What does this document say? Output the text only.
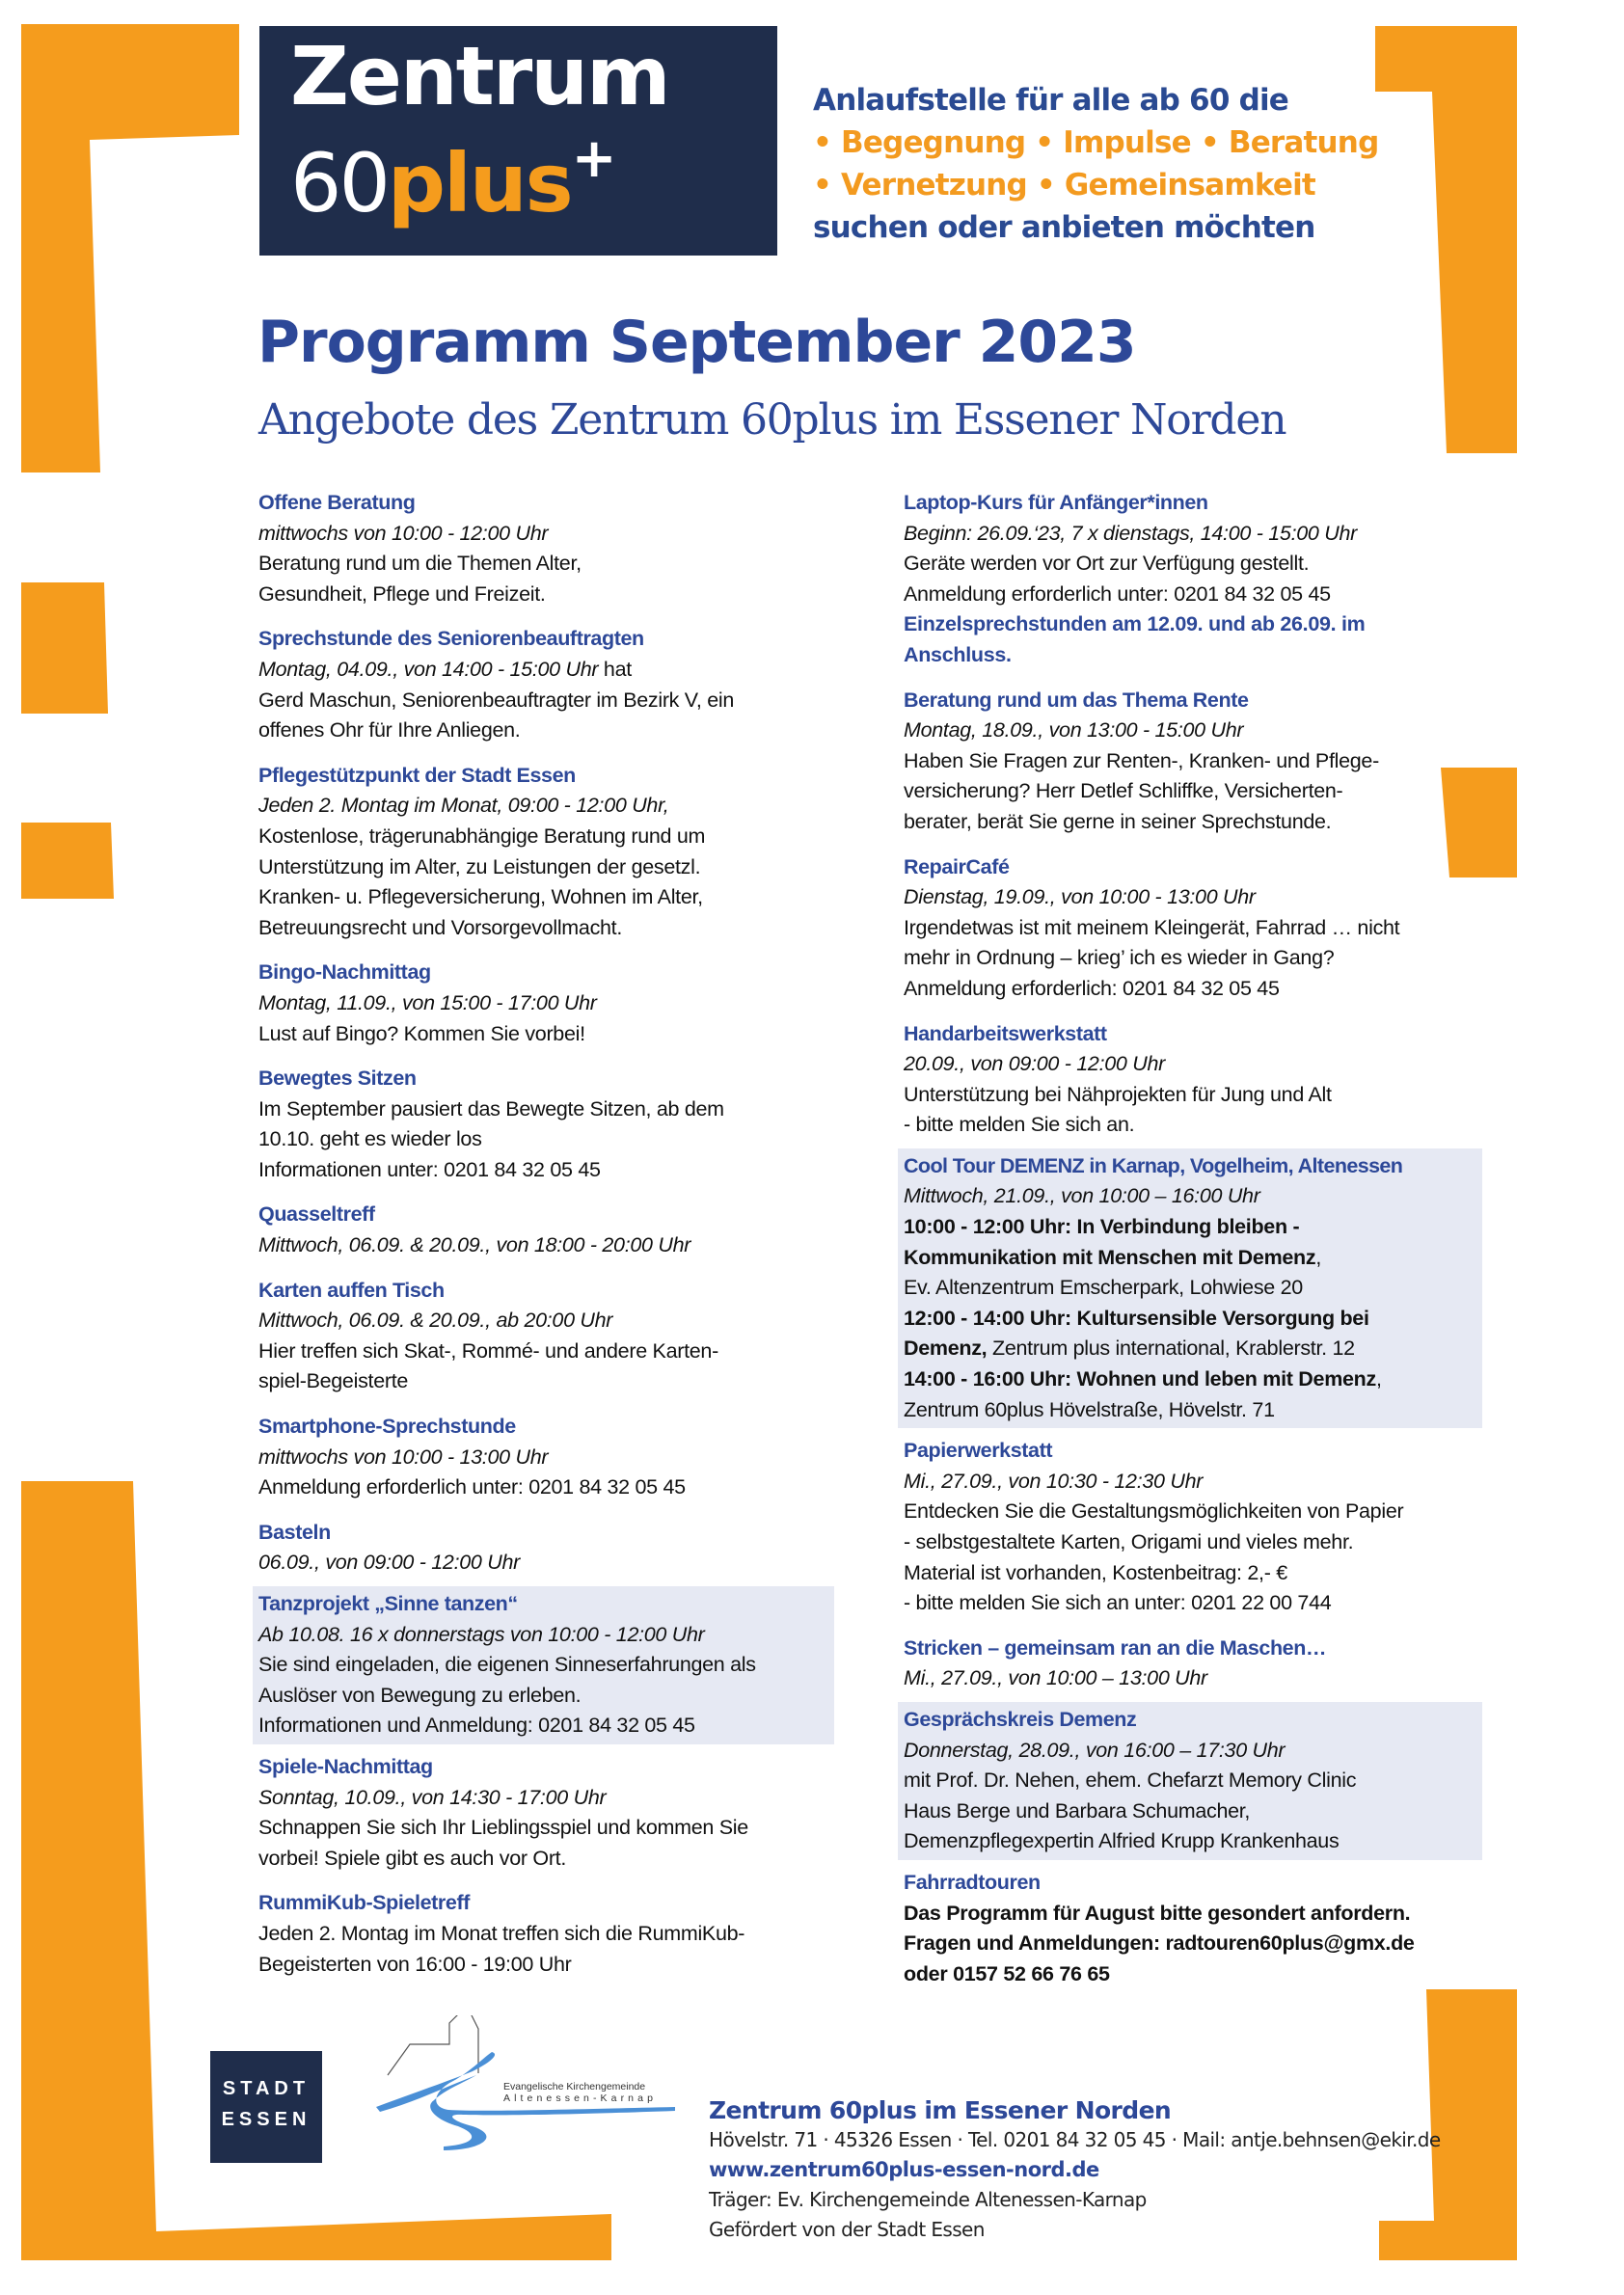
Zentrum
60plus+
Anlaufstelle für alle ab 60 die
• Begegnung • Impulse • Beratung
• Vernetzung • Gemeinsamkeit
suchen oder anbieten möchten
Programm September 2023
Angebote des Zentrum 60plus im Essener Norden
Offene Beratung
mittwochs von 10:00 - 12:00 Uhr
Beratung rund um die Themen Alter,
Gesundheit, Pflege und Freizeit.
Sprechstunde des Seniorenbeauftragten
Montag, 04.09., von 14:00 - 15:00 Uhr hat
Gerd Maschun, Seniorenbeauftragter im Bezirk V, ein
offenes Ohr für Ihre Anliegen.
Pflegestützpunkt der Stadt Essen
Jeden 2. Montag im Monat, 09:00 - 12:00 Uhr,
Kostenlose, trägerunabhängige Beratung rund um
Unterstützung im Alter, zu Leistungen der gesetzl.
Kranken- u. Pflegeversicherung, Wohnen im Alter,
Betreuungsrecht und Vorsorgevollmacht.
Bingo-Nachmittag
Montag, 11.09., von 15:00 - 17:00 Uhr
Lust auf Bingo? Kommen Sie vorbei!
Bewegtes Sitzen
Im September pausiert das Bewegte Sitzen, ab dem
10.10. geht es wieder los
Informationen unter: 0201 84 32 05 45
Quasseltreff
Mittwoch, 06.09. & 20.09., von 18:00 - 20:00 Uhr
Karten auffen Tisch
Mittwoch, 06.09. & 20.09., ab 20:00 Uhr
Hier treffen sich Skat-, Rommé- und andere Karten-
spiel-Begeisterte
Smartphone-Sprechstunde
mittwochs von 10:00 - 13:00 Uhr
Anmeldung erforderlich unter: 0201 84 32 05 45
Basteln
06.09., von 09:00 - 12:00 Uhr
Tanzprojekt „Sinne tanzen“
Ab 10.08. 16 x donnerstags von 10:00 - 12:00 Uhr
Sie sind eingeladen, die eigenen Sinneserfahrungen als
Auslöser von Bewegung zu erleben.
Informationen und Anmeldung: 0201 84 32 05 45
Spiele-Nachmittag
Sonntag, 10.09., von 14:30 - 17:00 Uhr
Schnappen Sie sich Ihr Lieblingsspiel und kommen Sie
vorbei! Spiele gibt es auch vor Ort.
RummiKub-Spieletreff
Jeden 2. Montag im Monat treffen sich die RummiKub-
Begeisterten von 16:00 - 19:00 Uhr
Laptop-Kurs für Anfänger*innen
Beginn: 26.09.‘23, 7 x dienstags, 14:00 - 15:00 Uhr
Geräte werden vor Ort zur Verfügung gestellt.
Anmeldung erforderlich unter: 0201 84 32 05 45
Einzelsprechstunden am 12.09. und ab 26.09. im
Anschluss.
Beratung rund um das Thema Rente
Montag, 18.09., von 13:00 - 15:00 Uhr
Haben Sie Fragen zur Renten-, Kranken- und Pflege-
versicherung? Herr Detlef Schliffke, Versicherten-
berater, berät Sie gerne in seiner Sprechstunde.
RepairCafé
Dienstag, 19.09., von 10:00 - 13:00 Uhr
Irgendetwas ist mit meinem Kleingerät, Fahrrad … nicht
mehr in Ordnung – krieg’ ich es wieder in Gang?
Anmeldung erforderlich: 0201 84 32 05 45
Handarbeitswerkstatt
20.09., von 09:00 - 12:00 Uhr
Unterstützung bei Nähprojekten für Jung und Alt
- bitte melden Sie sich an.
Cool Tour DEMENZ in Karnap, Vogelheim, Altenessen
Mittwoch, 21.09., von 10:00 – 16:00 Uhr
10:00 - 12:00 Uhr: In Verbindung bleiben -
Kommunikation mit Menschen mit Demenz,
Ev. Altenzentrum Emscherpark, Lohwiese 20
12:00 - 14:00 Uhr: Kultursensible Versorgung bei
Demenz, Zentrum plus international, Krablerstr. 12
14:00 - 16:00 Uhr: Wohnen und leben mit Demenz,
Zentrum 60plus Hövelstraße, Hövelstr. 71
Papierwerkstatt
Mi., 27.09., von 10:30 - 12:30 Uhr
Entdecken Sie die Gestaltungsmöglichkeiten von Papier
- selbstgestaltete Karten, Origami und vieles mehr.
Material ist vorhanden, Kostenbeitrag: 2,- €
- bitte melden Sie sich an unter: 0201 22 00 744
Stricken – gemeinsam ran an die Maschen…
Mi., 27.09., von 10:00 – 13:00 Uhr
Gesprächskreis Demenz
Donnerstag, 28.09., von 16:00 – 17:30 Uhr
mit Prof. Dr. Nehen, ehem. Chefarzt Memory Clinic
Haus Berge und Barbara Schumacher,
Demenzpflegexpertin Alfried Krupp Krankenhaus
Fahrradtouren
Das Programm für August bitte gesondert anfordern.
Fragen und Anmeldungen: radtouren60plus@gmx.de
oder 0157 52 66 76 65
STADT
ESSEN
Evangelische Kirchengemeinde
Altenessen-Karnap Zentrum 60plus im Essener Norden
Hövelstr. 71 · 45326 Essen · Tel. 0201 84 32 05 45 · Mail: antje.behnsen@ekir.de
www.zentrum60plus-essen-nord.de
Träger: Ev. Kirchengemeinde Altenessen-Karnap
Gefördert von der Stadt Essen
